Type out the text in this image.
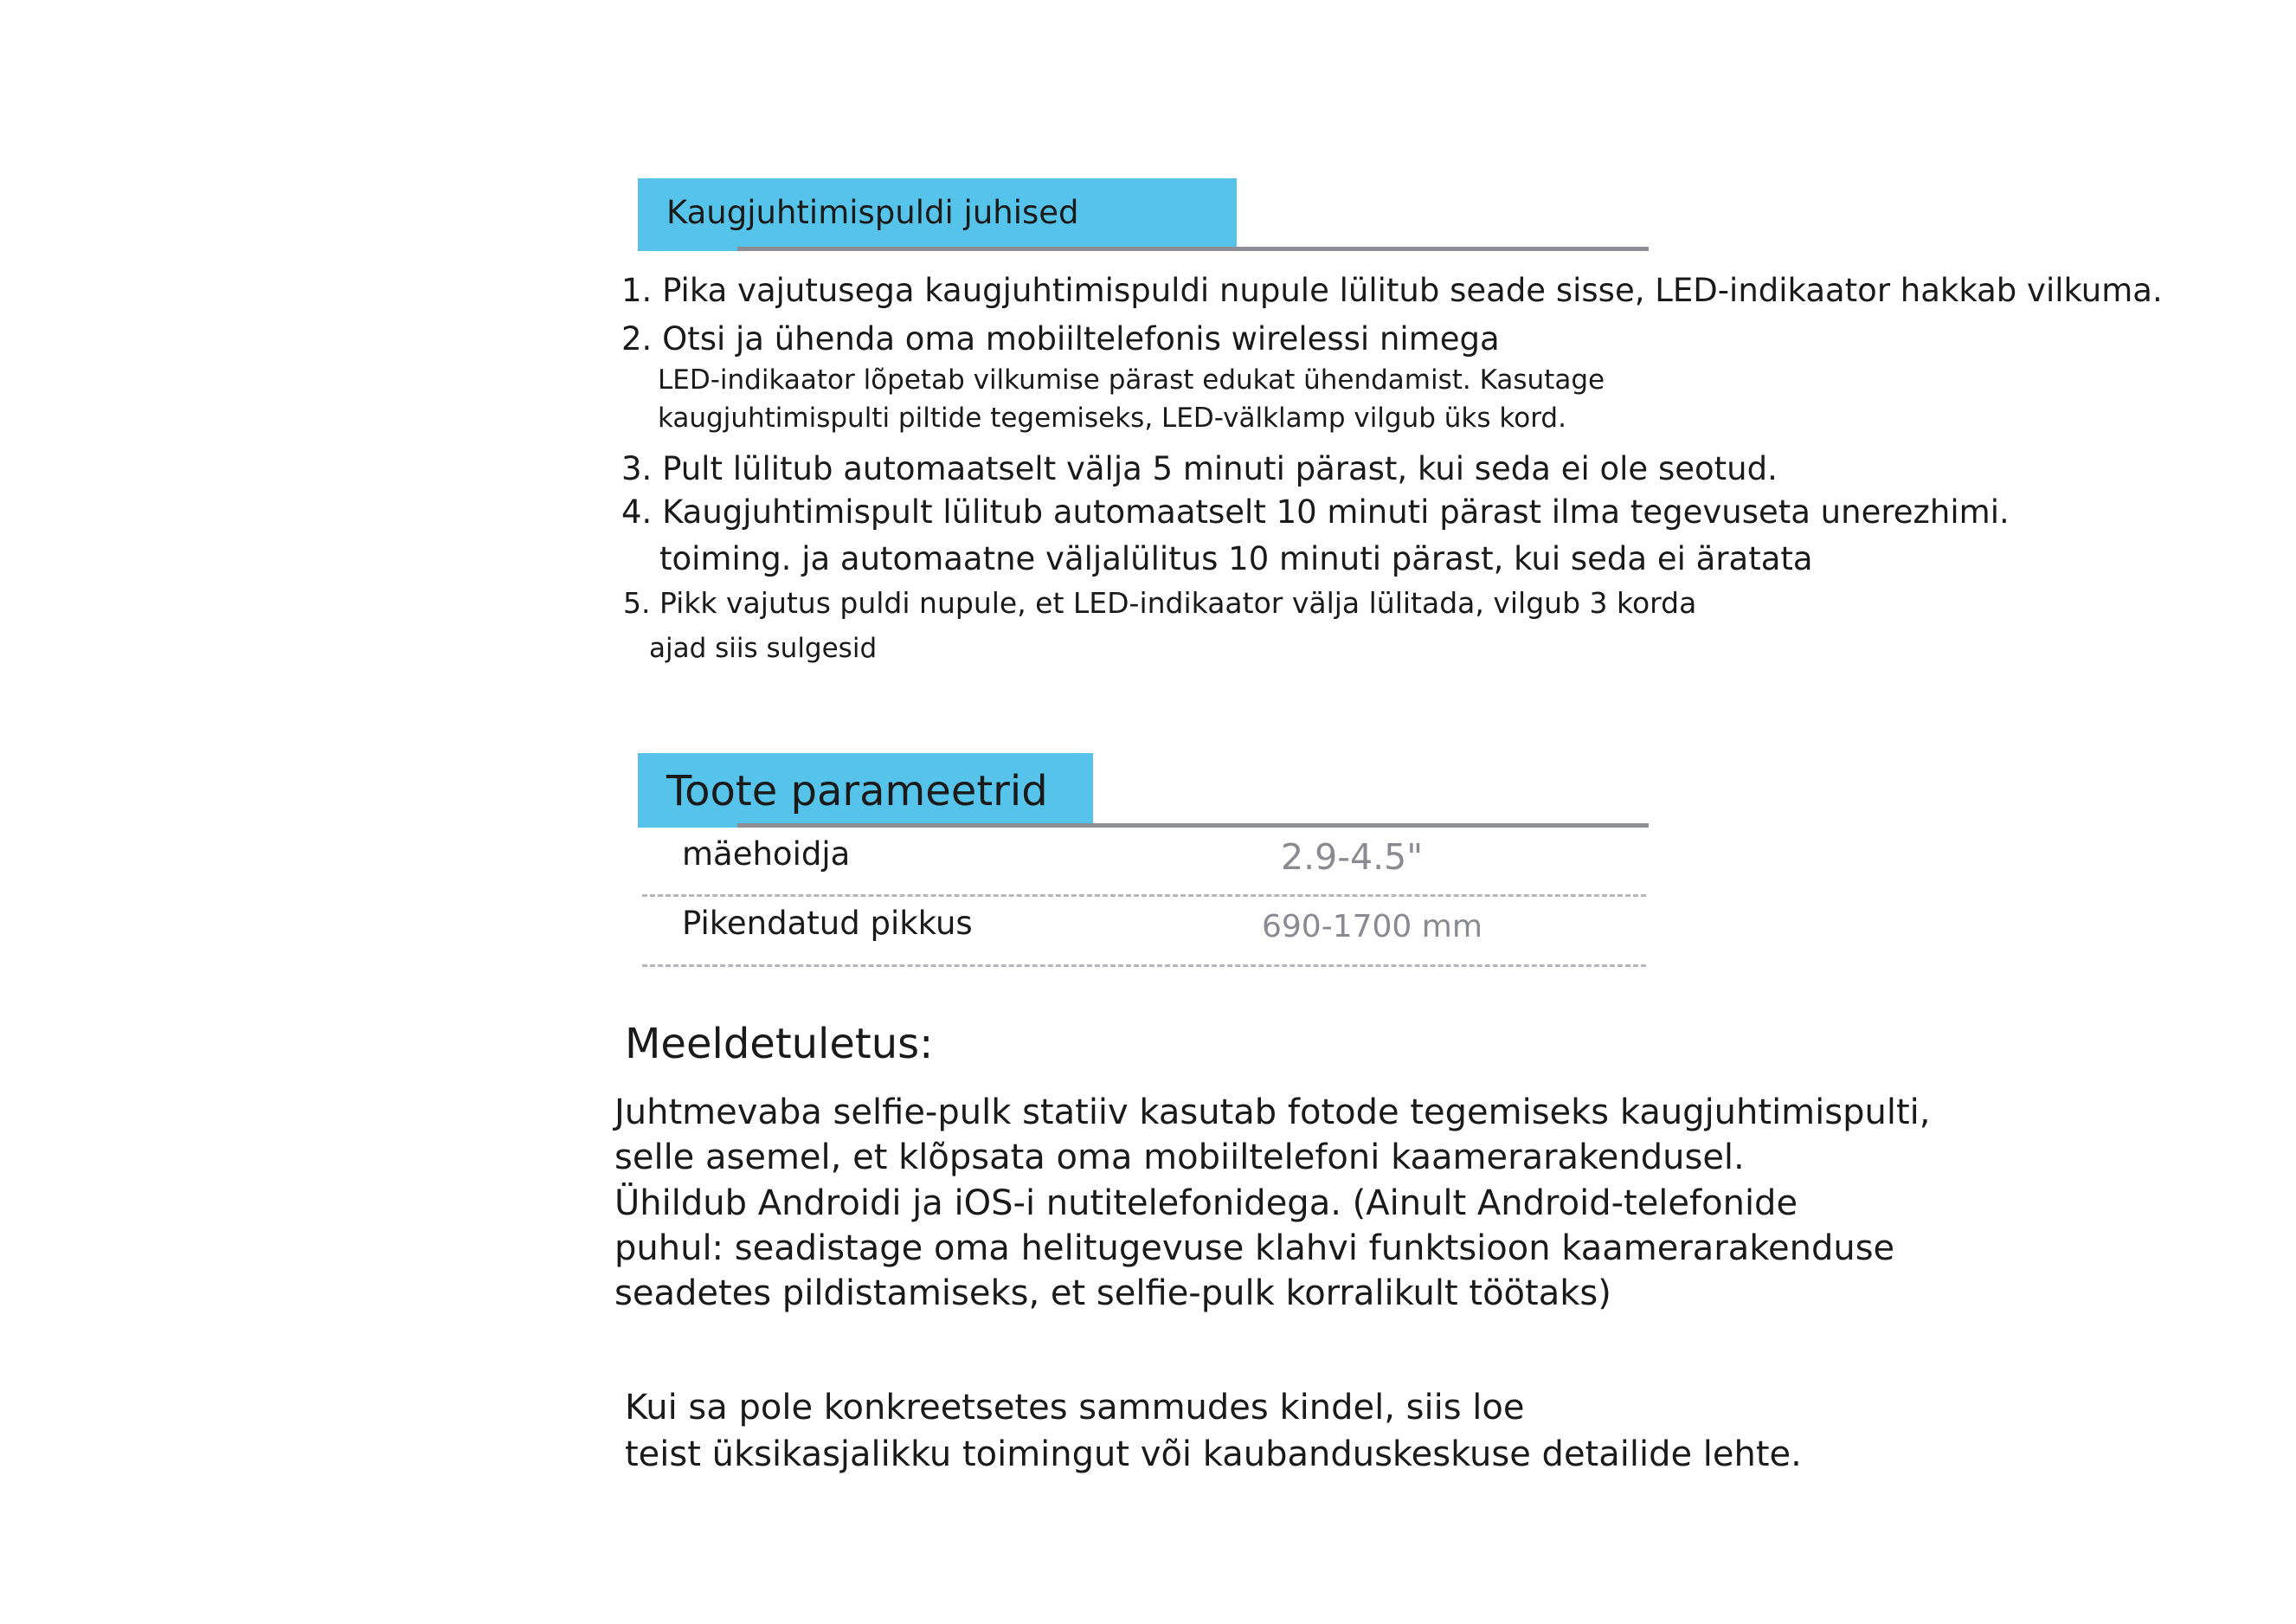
Kaugjuhtimispuldi juhised
1. Pika vajutusega kaugjuhtimispuldi nupule lülitub seade sisse, LED-indikaator hakkab vilkuma.
2. Otsi ja ühenda oma mobiiltelefonis wirelessi nimega
LED-indikaator lõpetab vilkumise pärast edukat ühendamist. Kasutage
kaugjuhtimispulti piltide tegemiseks, LED-välklamp vilgub üks kord.
3. Pult lülitub automaatselt välja 5 minuti pärast, kui seda ei ole seotud.
4. Kaugjuhtimispult lülitub automaatselt 10 minuti pärast ilma tegevuseta unerezhimi.
toiming. ja automaatne väljalülitus 10 minuti pärast, kui seda ei äratata
5. Pikk vajutus puldi nupule, et LED-indikaator välja lülitada, vilgub 3 korda
ajad siis sulgesid
Toote parameetrid
mäehoidja	2.9-4.5"
Pikendatud pikkus	690-1700 mm
Meeldetuletus:
Juhtmevaba selfie-pulk statiiv kasutab fotode tegemiseks kaugjuhtimispulti,
selle asemel, et klõpsata oma mobiiltelefoni kaamerarakendusel.
Ühildub Androidi ja iOS-i nutitelefonidega. (Ainult Android-telefonide
puhul: seadistage oma helitugevuse klahvi funktsioon kaamerarakenduse
seadetes pildistamiseks, et selfie-pulk korralikult töötaks)
Kui sa pole konkreetsetes sammudes kindel, siis loe
teist üksikasjalikku toimingut või kaubanduskeskuse detailide lehte.
